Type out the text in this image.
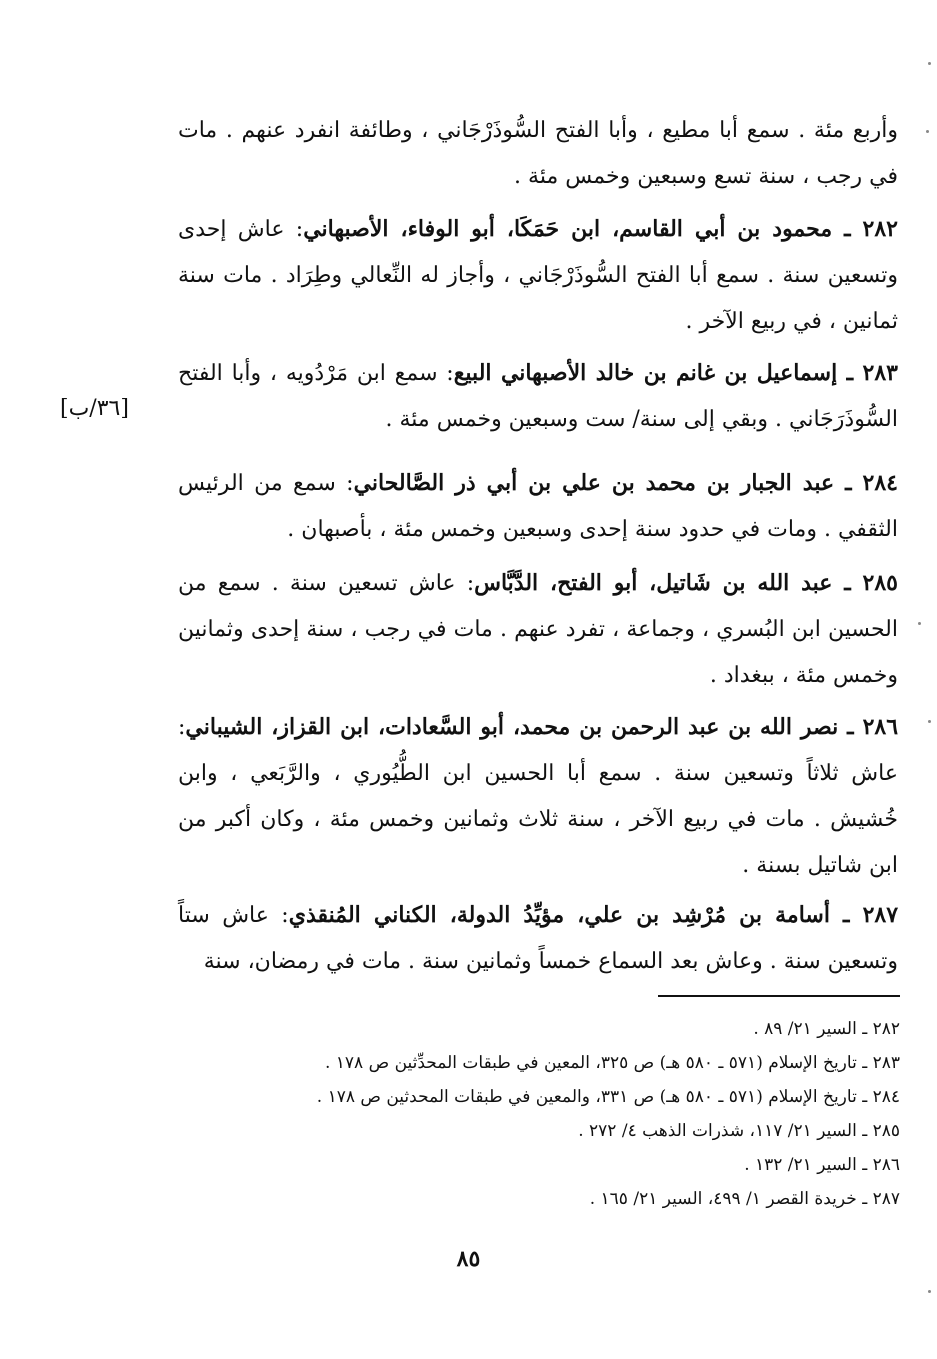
وأربع مئة . سمع أبا مطيع ، وأبا الفتح السُّوذَرْجَاني ، وطائفة انفرد عنهم . مات في رجب ، سنة تسع وسبعين وخمس مئة .
٢٨٢ ـ محمود بن أبي القاسم، ابن حَمَكَا، أبو الوفاء، الأصبهاني: عاش إحدى وتسعين سنة . سمع أبا الفتح السُّوذَرْجَاني ، وأجاز له النِّعالي وطِرَاد . مات سنة ثمانين ، في ربيع الآخر .
٢٨٣ ـ إسماعيل بن غانم بن خالد الأصبهاني البيع: سمع ابن مَرْدُويه ، وأبا الفتح السُّوذَرَجَاني . وبقي إلى سنة/ ست وسبعين وخمس مئة .
[٣٦/ب]
٢٨٤ ـ عبد الجبار بن محمد بن علي بن أبي ذر الصَّالحاني: سمع من الرئيس الثقفي . ومات في حدود سنة إحدى وسبعين وخمس مئة ، بأصبهان .
٢٨٥ ـ عبد الله بن شَاتيل، أبو الفتح، الدَّبَّاس: عاش تسعين سنة . سمع من الحسين ابن البُسري ، وجماعة ، تفرد عنهم . مات في رجب ، سنة إحدى وثمانين وخمس مئة ، ببغداد .
٢٨٦ ـ نصر الله بن عبد الرحمن بن محمد، أبو السَّعادات، ابن القزاز، الشيباني: عاش ثلاثاً وتسعين سنة . سمع أبا الحسين ابن الطُّيُوري ، والرَّبَعي ، وابن خُشيش . مات في ربيع الآخر ، سنة ثلاث وثمانين وخمس مئة ، وكان أكبر من ابن شاتيل بسنة .
٢٨٧ ـ أسامة بن مُرْشِد بن علي، مؤيِّدُ الدولة، الكناني المُنقذي: عاش ستاً وتسعين سنة . وعاش بعد السماع خمساً وثمانين سنة . مات في رمضان، سنة
٢٨٢ ـ السير ٢١/ ٨٩ .
٢٨٣ ـ تاريخ الإسلام (٥٧١ ـ ٥٨٠ هـ) ص ٣٢٥، المعين في طبقات المحدِّثين ص ١٧٨ .
٢٨٤ ـ تاريخ الإسلام (٥٧١ ـ ٥٨٠ هـ) ص ٣٣١، والمعين في طبقات المحدثين ص ١٧٨ .
٢٨٥ ـ السير ٢١/ ١١٧، شذرات الذهب ٤/ ٢٧٢ .
٢٨٦ ـ السير ٢١/ ١٣٢ .
٢٨٧ ـ خريدة القصر ١/ ٤٩٩، السير ٢١/ ١٦٥ .
٨٥
